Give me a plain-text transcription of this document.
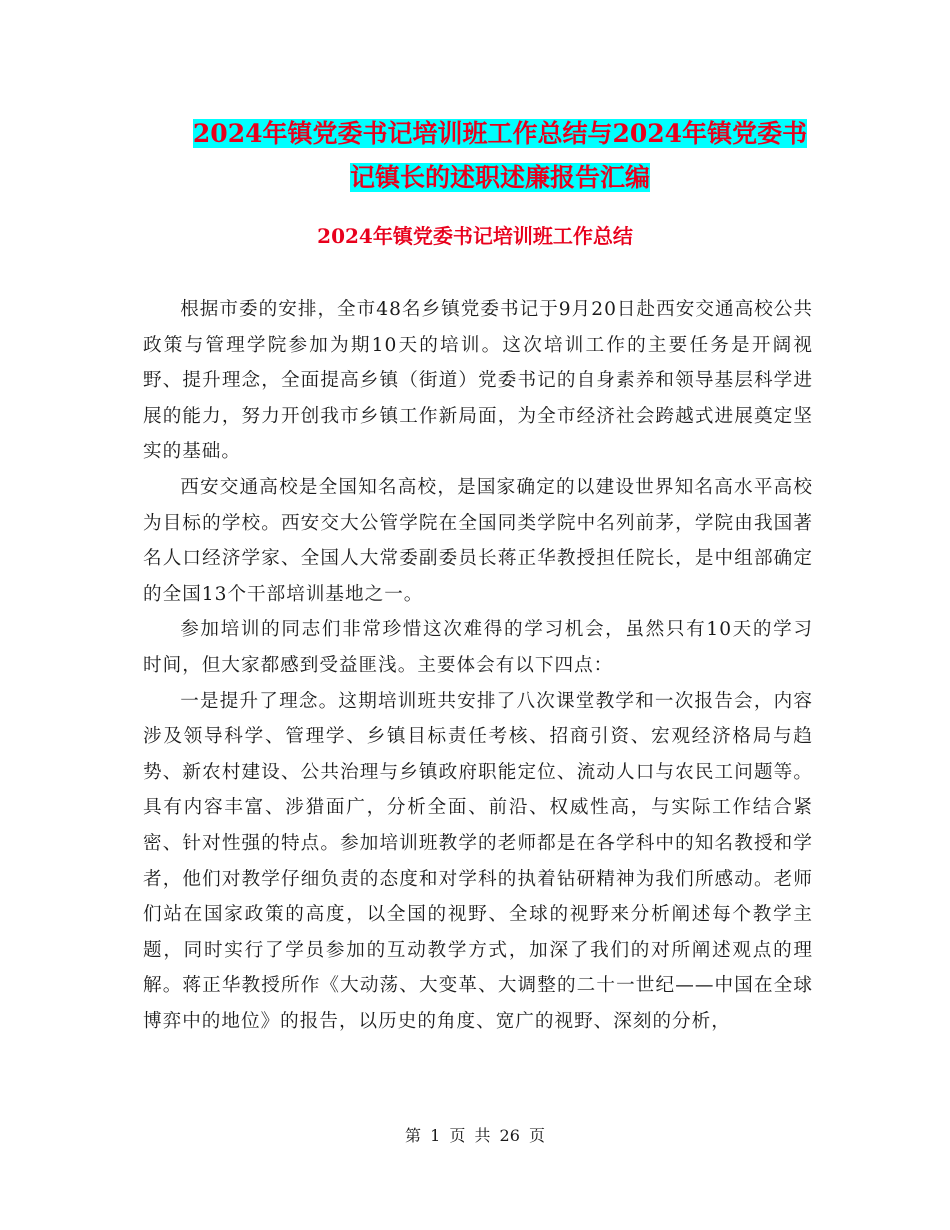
2024年镇党委书记培训班工作总结与2024年镇党委书
记镇长的述职述廉报告汇编
2024年镇党委书记培训班工作总结

根据市委的安排，全市48名乡镇党委书记于9月20日赴西安交通高校公共政策与管理学院参加为期10天的培训。这次培训工作的主要任务是开阔视野、提升理念，全面提高乡镇（街道）党委书记的自身素养和领导基层科学进展的能力，努力开创我市乡镇工作新局面，为全市经济社会跨越式进展奠定坚实的基础。

西安交通高校是全国知名高校，是国家确定的以建设世界知名高水平高校为目标的学校。西安交大公管学院在全国同类学院中名列前茅，学院由我国著名人口经济学家、全国人大常委副委员长蒋正华教授担任院长，是中组部确定的全国13个干部培训基地之一。

参加培训的同志们非常珍惜这次难得的学习机会，虽然只有10天的学习时间，但大家都感到受益匪浅。主要体会有以下四点：

一是提升了理念。这期培训班共安排了八次课堂教学和一次报告会，内容涉及领导科学、管理学、乡镇目标责任考核、招商引资、宏观经济格局与趋势、新农村建设、公共治理与乡镇政府职能定位、流动人口与农民工问题等。具有内容丰富、涉猎面广，分析全面、前沿、权威性高，与实际工作结合紧密、针对性强的特点。参加培训班教学的老师都是在各学科中的知名教授和学者，他们对教学仔细负责的态度和对学科的执着钻研精神为我们所感动。老师们站在国家政策的高度，以全国的视野、全球的视野来分析阐述每个教学主题，同时实行了学员参加的互动教学方式，加深了我们的对所阐述观点的理解。蒋正华教授所作《大动荡、大变革、大调整的二十一世纪——中国在全球博弈中的地位》的报告，以历史的角度、宽广的视野、深刻的分析，

第 1 页 共 26 页
